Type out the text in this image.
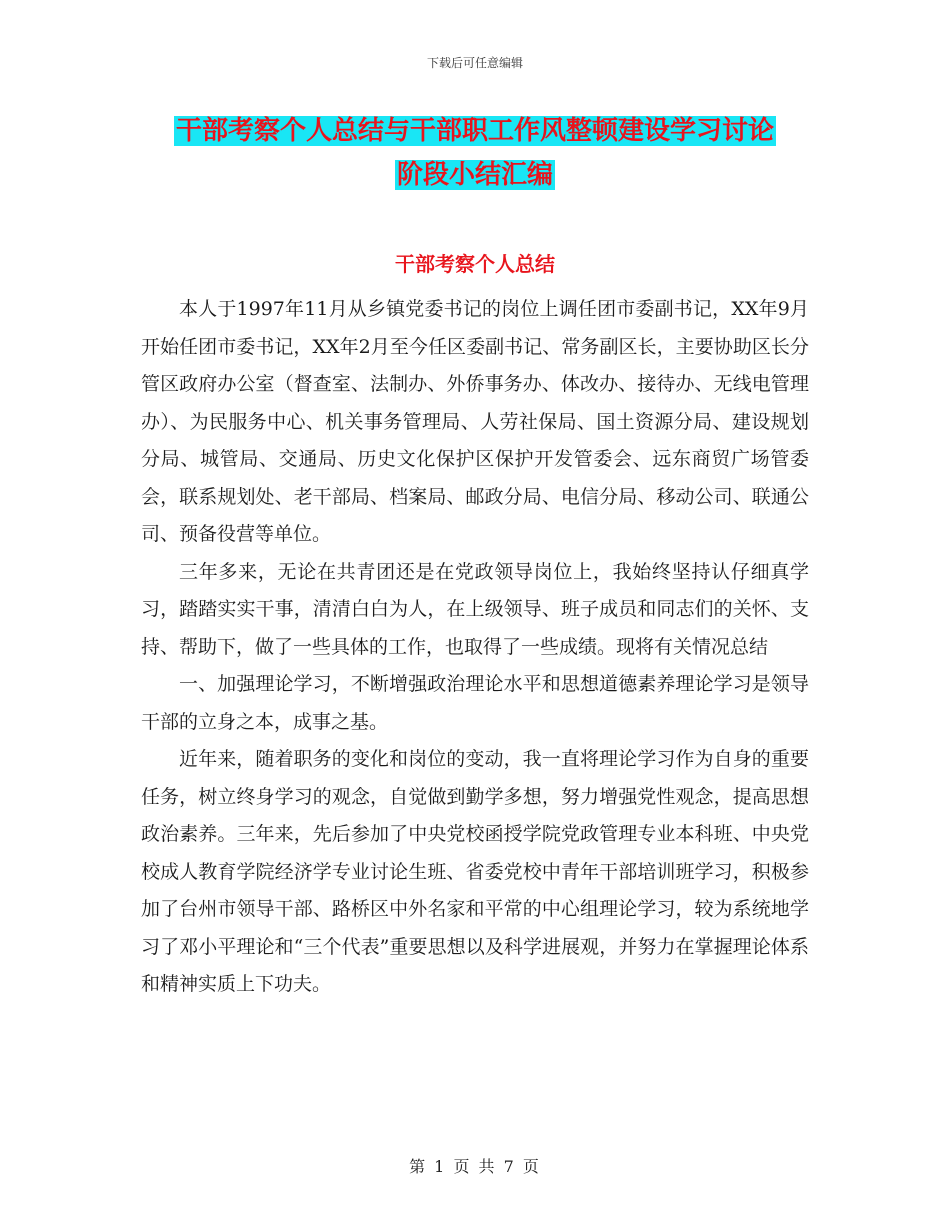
下载后可任意编辑
干部考察个人总结与干部职工作风整顿建设学习讨论
阶段小结汇编
干部考察个人总结

本人于1997年11月从乡镇党委书记的岗位上调任团市委副书记，XX年9月开始任团市委书记，XX年2月至今任区委副书记、常务副区长，主要协助区长分管区政府办公室（督查室、法制办、外侨事务办、体改办、接待办、无线电管理办）、为民服务中心、机关事务管理局、人劳社保局、国土资源分局、建设规划分局、城管局、交通局、历史文化保护区保护开发管委会、远东商贸广场管委会，联系规划处、老干部局、档案局、邮政分局、电信分局、移动公司、联通公司、预备役营等单位。

三年多来，无论在共青团还是在党政领导岗位上，我始终坚持认仔细真学习，踏踏实实干事，清清白白为人，在上级领导、班子成员和同志们的关怀、支持、帮助下，做了一些具体的工作，也取得了一些成绩。现将有关情况总结

一、加强理论学习，不断增强政治理论水平和思想道德素养理论学习是领导干部的立身之本，成事之基。

近年来，随着职务的变化和岗位的变动，我一直将理论学习作为自身的重要任务，树立终身学习的观念，自觉做到勤学多想，努力增强党性观念，提高思想政治素养。三年来，先后参加了中央党校函授学院党政管理专业本科班、中央党校成人教育学院经济学专业讨论生班、省委党校中青年干部培训班学习，积极参加了台州市领导干部、路桥区中外名家和平常的中心组理论学习，较为系统地学习了邓小平理论和“三个代表”重要思想以及科学进展观，并努力在掌握理论体系和精神实质上下功夫。

第 1 页 共 7 页
